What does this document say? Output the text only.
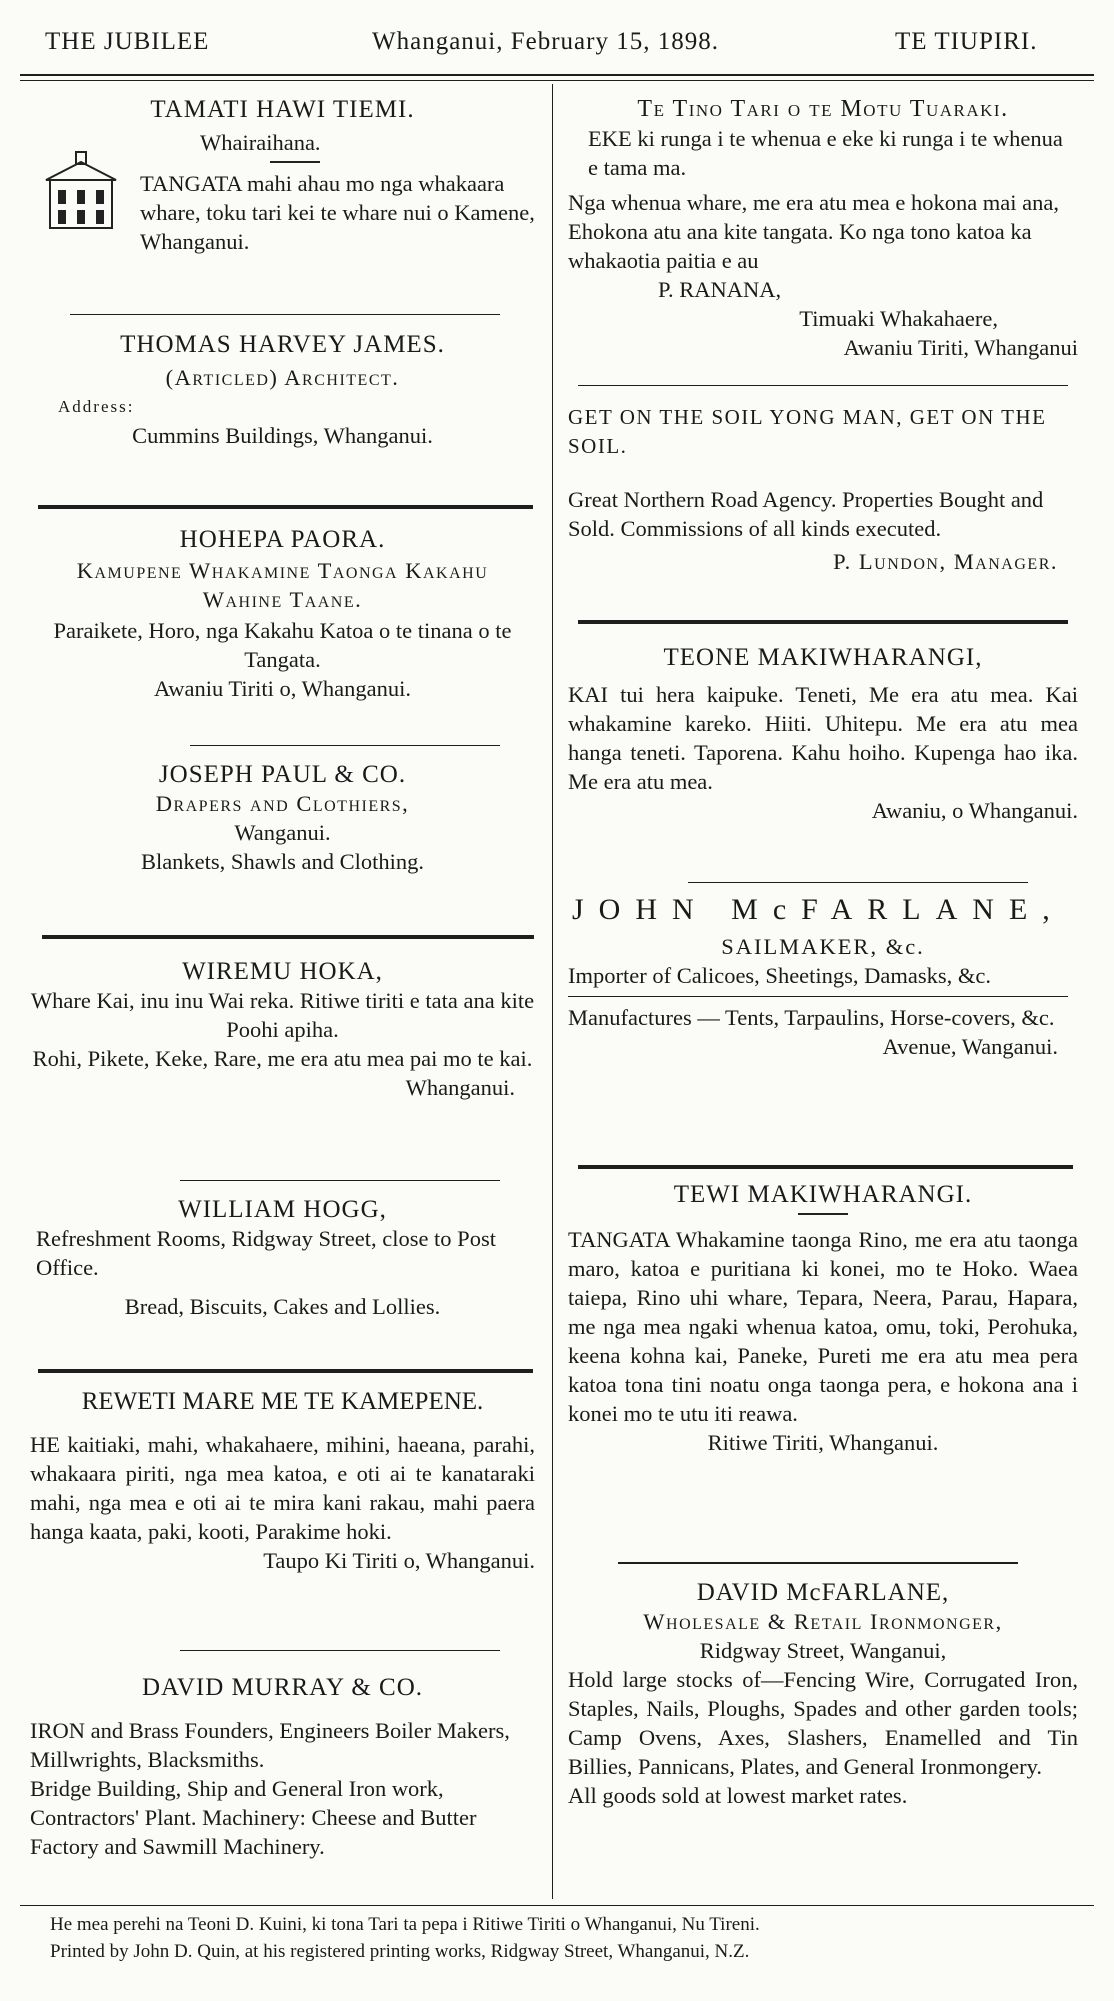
THE JUBILEE	Whanganui, February 15, 1898.	TE TIUPIRI.
TAMATI HAWI TIEMI.
Whairaihana.
TANGATA mahi ahau mo nga whakaara whare, toku tari kei te whare nui o Kamene, Whanganui.
THOMAS HARVEY JAMES.
(Articled) Architect.
Address:
Cummins Buildings, Whanganui.
HOHEPA PAORA.
Kamupene Whakamine Taonga Kakahu Wahine Taane.
Paraikete, Horo, nga Kakahu Katoa o te tinana o te Tangata.
Awaniu Tiriti o, Whanganui.
JOSEPH PAUL & CO.
Drapers and Clothiers,
Wanganui.
Blankets, Shawls and Clothing.
WIREMU HOKA,
Whare Kai, inu inu Wai reka. Ritiwe tiriti e tata ana kite Poohi apiha.
Rohi, Pikete, Keke, Rare, me era atu mea pai mo te kai.
Whanganui.
WILLIAM HOGG,
Refreshment Rooms, Ridgway Street, close to Post Office.
Bread, Biscuits, Cakes and Lollies.
REWETI MARE ME TE KAMEPENE.
HE kaitiaki, mahi, whakahaere, mihini, haeana, parahi, whakaara piriti, nga mea katoa, e oti ai te kanataraki mahi, nga mea e oti ai te mira kani rakau, mahi paera hanga kaata, paki, kooti, Parakime hoki.
Taupo Ki Tiriti o, Whanganui.
DAVID MURRAY & CO.
IRON and Brass Founders, Engineers Boiler Makers, Millwrights, Blacksmiths.
Bridge Building, Ship and General Iron work, Contractors' Plant. Machinery: Cheese and Butter Factory and Sawmill Machinery.
Te Tino Tari o te Motu Tuaraki.
EKE ki runga i te whenua e eke ki runga i te whenua e tama ma.
Nga whenua whare, me era atu mea e hokona mai ana, Ehokona atu ana kite tangata. Ko nga tono katoa ka whakaotia paitia e au
P. RANANA,
Timuaki Whakahaere,
Awaniu Tiriti, Whanganui
GET ON THE SOIL YONG MAN, GET ON THE SOIL.
Great Northern Road Agency. Properties Bought and Sold. Commissions of all kinds executed.
P. Lundon, Manager.
TEONE MAKIWHARANGI,
KAI tui hera kaipuke. Teneti, Me era atu mea. Kai whakamine kareko. Hiiti. Uhitepu. Me era atu mea hanga teneti. Taporena. Kahu hoiho. Kupenga hao ika. Me era atu mea.
Awaniu, o Whanganui.
JOHN McFARLANE,
SAILMAKER, &c.
Importer of Calicoes, Sheetings, Damasks, &c.
Manufactures — Tents, Tarpaulins, Horse-covers, &c.
Avenue, Wanganui.
TEWI MAKIWHARANGI.
TANGATA Whakamine taonga Rino, me era atu taonga maro, katoa e puritiana ki konei, mo te Hoko. Waea taiepa, Rino uhi whare, Tepara, Neera, Parau, Hapara, me nga mea ngaki whenua katoa, omu, toki, Perohuka, keena kohna kai, Paneke, Pureti me era atu mea pera katoa tona tini noatu onga taonga pera, e hokona ana i konei mo te utu iti reawa.
Ritiwe Tiriti, Whanganui.
DAVID McFARLANE,
Wholesale & Retail Ironmonger,
Ridgway Street, Wanganui,
Hold large stocks of—Fencing Wire, Corrugated Iron, Staples, Nails, Ploughs, Spades and other garden tools; Camp Ovens, Axes, Slashers, Enamelled and Tin Billies, Pannicans, Plates, and General Ironmongery.
All goods sold at lowest market rates.
He mea perehi na Teoni D. Kuini, ki tona Tari ta pepa i Ritiwe Tiriti o Whanganui, Nu Tireni.
Printed by John D. Quin, at his registered printing works, Ridgway Street, Whanganui, N.Z.
